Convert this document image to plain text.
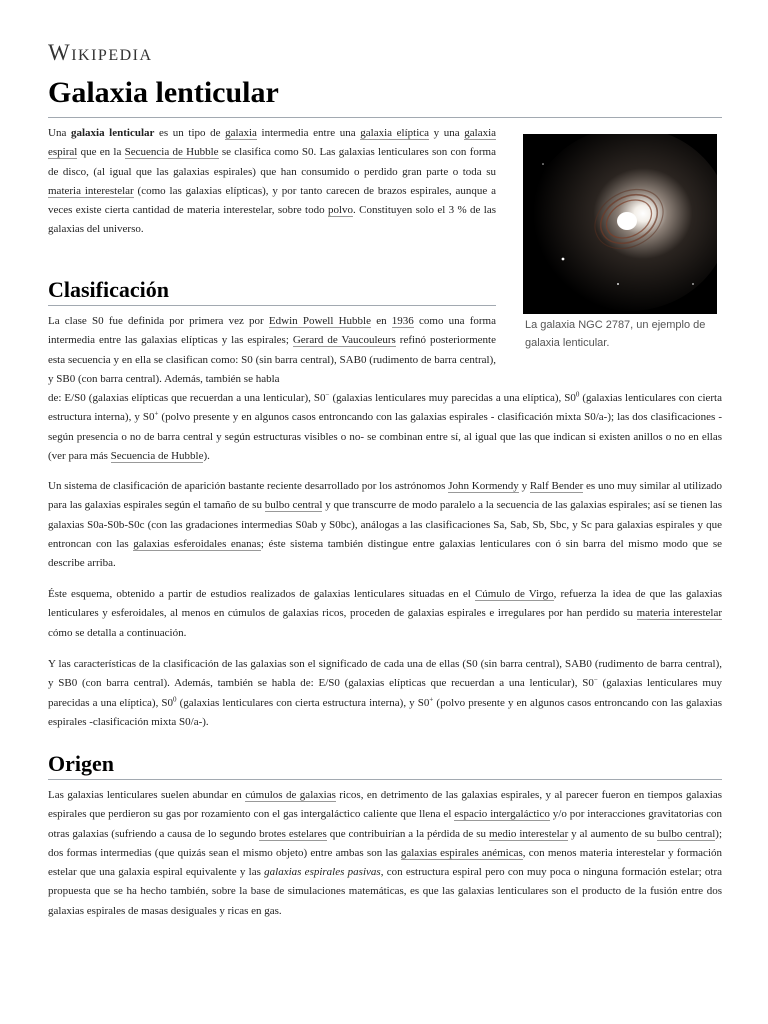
Wikipedia
Galaxia lenticular

Una galaxia lenticular es un tipo de galaxia intermedia entre una galaxia elíptica y una galaxia espiral que en la Secuencia de Hubble se clasifica como S0. Las galaxias lenticulares son con forma de disco, (al igual que las galaxias espirales) que han consumido o perdido gran parte o toda su materia interestelar (como las galaxias elípticas), y por tanto carecen de brazos espirales, aunque a veces existe cierta cantidad de materia interestelar, sobre todo polvo. Constituyen solo el 3 % de las galaxias del universo.

La galaxia NGC 2787, un ejemplo de galaxia lenticular.
Clasificación

La clase S0 fue definida por primera vez por Edwin Powell Hubble en 1936 como una forma intermedia entre las galaxias elípticas y las espirales; Gerard de Vaucouleurs refinó posteriormente esta secuencia y en ella se clasifican como: S0 (sin barra central), SAB0 (rudimento de barra central), y SB0 (con barra central). Además, también se habla

de: E/S0 (galaxias elípticas que recuerdan a una lenticular), S0− (galaxias lenticulares muy parecidas a una elíptica), $S0^0$ (galaxias lenticulares con cierta estructura interna), y S0+ (polvo presente y en algunos casos entroncando con las galaxias espirales - clasificación mixta S0/a-); las dos clasificaciones -según presencia o no de barra central y según estructuras visibles o no- se combinan entre sí, al igual que las que indican si existen anillos o no en ellas (ver para más Secuencia de Hubble).

Un sistema de clasificación de aparición bastante reciente desarrollado por los astrónomos John Kormendy y Ralf Bender es uno muy similar al utilizado para las galaxias espirales según el tamaño de su bulbo central y que transcurre de modo paralelo a la secuencia de las galaxias espirales; así se tienen las galaxias S0a-S0b-S0c (con las gradaciones intermedias S0ab y S0bc), análogas a las clasificaciones Sa, Sab, Sb, Sbc, y Sc para galaxias espirales y que entroncan con las galaxias esferoidales enanas; éste sistema también distingue entre galaxias lenticulares con ó sin barra del mismo modo que se describe arriba.

Éste esquema, obtenido a partir de estudios realizados de galaxias lenticulares situadas en el Cúmulo de Virgo, refuerza la idea de que las galaxias lenticulares y esferoidales, al menos en cúmulos de galaxias ricos, proceden de galaxias espirales e irregulares por han perdido su materia interestelar cómo se detalla a continuación.

Y las características de la clasificación de las galaxias son el significado de cada una de ellas (S0 (sin barra central), SAB0 (rudimento de barra central), y SB0 (con barra central). Además, también se habla de: E/S0 (galaxias elípticas que recuerdan a una lenticular), S0− (galaxias lenticulares muy parecidas a una elíptica), $S0^0$ (galaxias lenticulares con cierta estructura interna), y S0+ (polvo presente y en algunos casos entroncando con las galaxias espirales -clasificación mixta S0/a-).

Origen

Las galaxias lenticulares suelen abundar en cúmulos de galaxias ricos, en detrimento de las galaxias espirales, y al parecer fueron en tiempos galaxias espirales que perdieron su gas por rozamiento con el gas intergaláctico caliente que llena el espacio intergaláctico y/o por interacciones gravitatorias con otras galaxias (sufriendo a causa de lo segundo brotes estelares que contribuirían a la pérdida de su medio interestelar y al aumento de su bulbo central); dos formas intermedias (que quizás sean el mismo objeto) entre ambas son las galaxias espirales anémicas, con menos materia interestelar y formación estelar que una galaxia espiral equivalente y las galaxias espirales pasivas, con estructura espiral pero con muy poca o ninguna formación estelar; otra propuesta que se ha hecho también, sobre la base de simulaciones matemáticas, es que las galaxias lenticulares son el producto de la fusión entre dos galaxias espirales de masas desiguales y ricas en gas.
